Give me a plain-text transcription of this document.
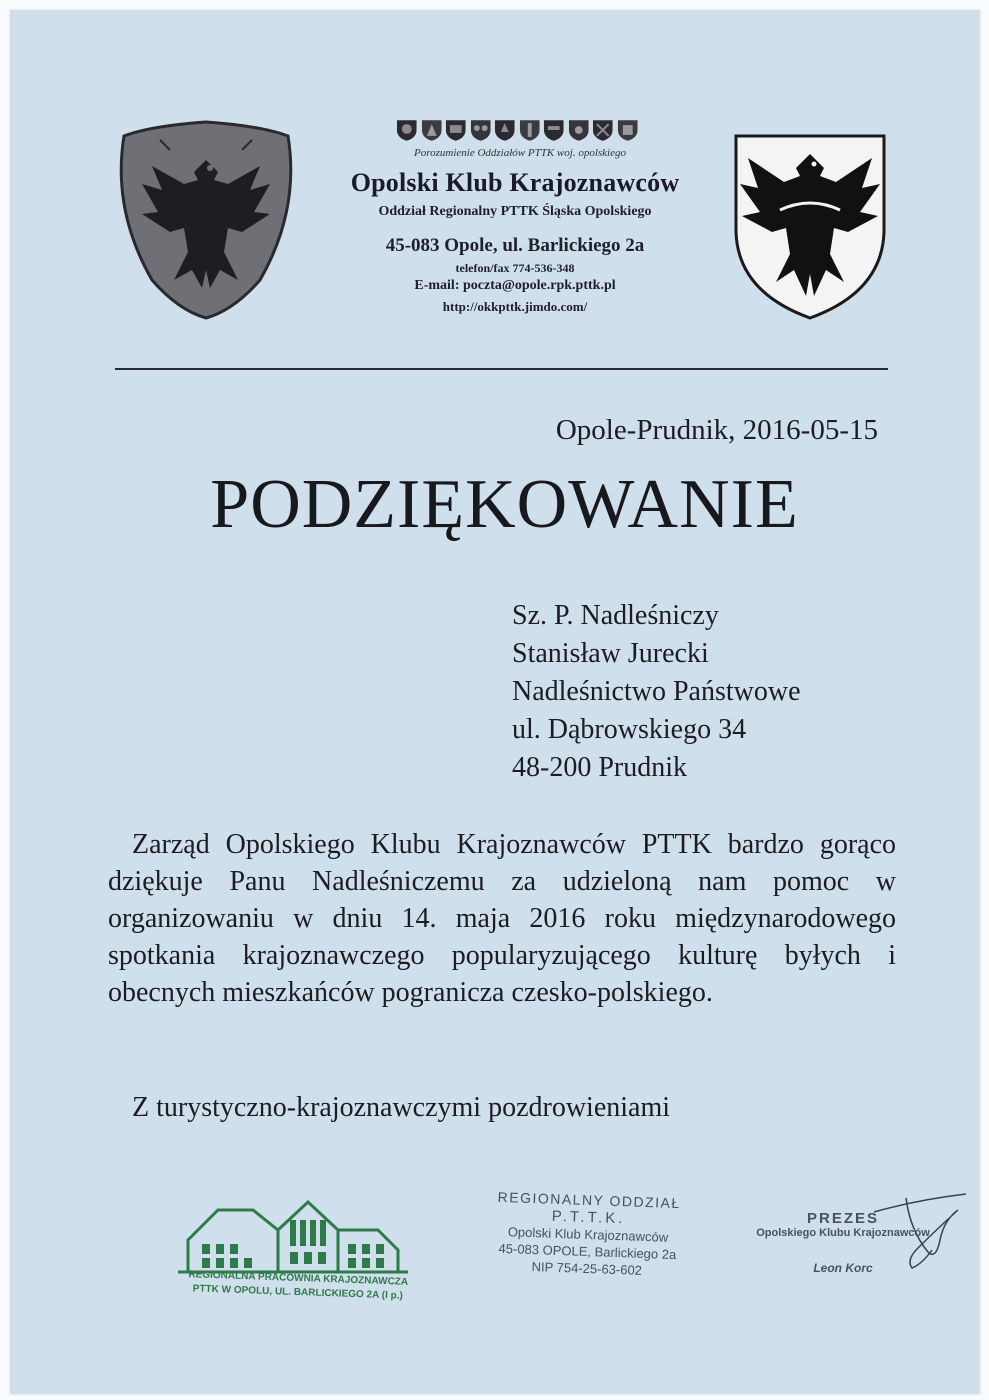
Porozumienie Oddziałów PTTK woj. opolskiego
Opolski Klub Krajoznawców
Oddział Regionalny PTTK Śląska Opolskiego
45-083 Opole, ul. Barlickiego 2a
telefon/fax 774-536-348
E-mail: poczta@opole.rpk.pttk.pl
http://okkpttk.jimdo.com/
Opole-Prudnik, 2016-05-15
PODZIĘKOWANIE
Sz. P. Nadleśniczy
Stanisław Jurecki
Nadleśnictwo Państwowe
ul. Dąbrowskiego 34
48-200 Prudnik
Zarząd Opolskiego Klubu Krajoznawców PTTK bardzo gorąco dziękuje Panu Nadleśniczemu za udzieloną nam pomoc w organizowaniu w dniu 14. maja 2016 roku międzynarodowego spotkania krajoznawczego popularyzującego kulturę byłych i obecnych mieszkańców pogranicza czesko-polskiego.
Z turystyczno-krajoznawczymi pozdrowieniami
REGIONALNA PRACOWNIA KRAJOZNAWCZA
PTTK W OPOLU, UL. BARLICKIEGO 2A (I p.)
REGIONALNY ODDZIAŁ
P.T.T.K.
Opolski Klub Krajoznawców
45-083 OPOLE, Barlickiego 2a
NIP 754-25-63-602
PREZES
Opolskiego Klubu Krajoznawców
Leon Korc
